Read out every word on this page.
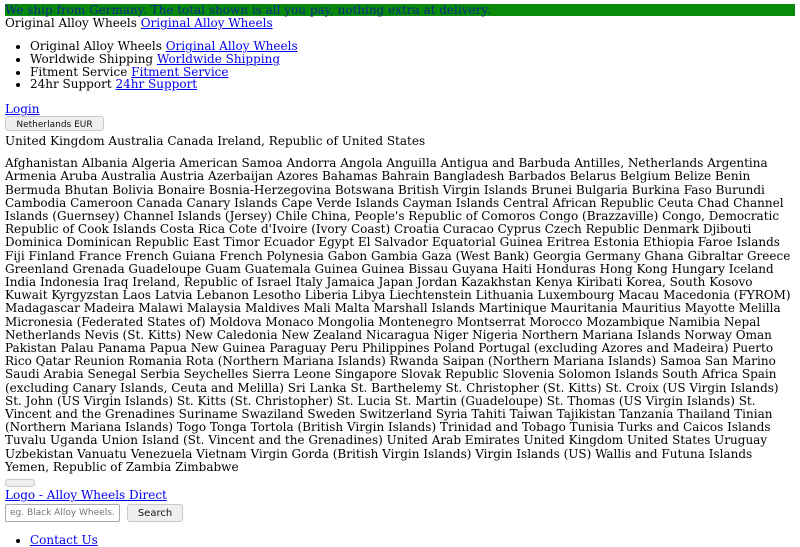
We ship from Germany. The total shown is all you pay, nothing extra at delivery.
Original Alloy Wheels Original Alloy Wheels
• Original Alloy Wheels Original Alloy Wheels
• Worldwide Shipping Worldwide Shipping
• Fitment Service Fitment Service
• 24hr Support 24hr Support
Login
Netherlands EUR
United Kingdom Australia Canada Ireland, Republic of United States
Afghanistan Albania Algeria American Samoa Andorra Angola Anguilla Antigua and Barbuda Antilles, Netherlands Argentina Armenia Aruba Australia Austria Azerbaijan Azores Bahamas Bahrain Bangladesh Barbados Belarus Belgium Belize Benin Bermuda Bhutan Bolivia Bonaire Bosnia-Herzegovina Botswana British Virgin Islands Brunei Bulgaria Burkina Faso Burundi Cambodia Cameroon Canada Canary Islands Cape Verde Islands Cayman Islands Central African Republic Ceuta Chad Channel Islands (Guernsey) Channel Islands (Jersey) Chile China, People's Republic of Comoros Congo (Brazzaville) Congo, Democratic Republic of Cook Islands Costa Rica Cote d'Ivoire (Ivory Coast) Croatia Curacao Cyprus Czech Republic Denmark Djibouti Dominica Dominican Republic East Timor Ecuador Egypt El Salvador Equatorial Guinea Eritrea Estonia Ethiopia Faroe Islands Fiji Finland France French Guiana French Polynesia Gabon Gambia Gaza (West Bank) Georgia Germany Ghana Gibraltar Greece Greenland Grenada Guadeloupe Guam Guatemala Guinea Guinea Bissau Guyana Haiti Honduras Hong Kong Hungary Iceland India Indonesia Iraq Ireland, Republic of Israel Italy Jamaica Japan Jordan Kazakhstan Kenya Kiribati Korea, South Kosovo Kuwait Kyrgyzstan Laos Latvia Lebanon Lesotho Liberia Libya Liechtenstein Lithuania Luxembourg Macau Macedonia (FYROM) Madagascar Madeira Malawi Malaysia Maldives Mali Malta Marshall Islands Martinique Mauritania Mauritius Mayotte Melilla Micronesia (Federated States of) Moldova Monaco Mongolia Montenegro Montserrat Morocco Mozambique Namibia Nepal Netherlands Nevis (St. Kitts) New Caledonia New Zealand Nicaragua Niger Nigeria Northern Mariana Islands Norway Oman Pakistan Palau Panama Papua New Guinea Paraguay Peru Philippines Poland Portugal (excluding Azores and Madeira) Puerto Rico Qatar Reunion Romania Rota (Northern Mariana Islands) Rwanda Saipan (Northern Mariana Islands) Samoa San Marino Saudi Arabia Senegal Serbia Seychelles Sierra Leone Singapore Slovak Republic Slovenia Solomon Islands South Africa Spain (excluding Canary Islands, Ceuta and Melilla) Sri Lanka St. Barthelemy St. Christopher (St. Kitts) St. Croix (US Virgin Islands) St. John (US Virgin Islands) St. Kitts (St. Christopher) St. Lucia St. Martin (Guadeloupe) St. Thomas (US Virgin Islands) St. Vincent and the Grenadines Suriname Swaziland Sweden Switzerland Syria Tahiti Taiwan Tajikistan Tanzania Thailand Tinian (Northern Mariana Islands) Togo Tonga Tortola (British Virgin Islands) Trinidad and Tobago Tunisia Turks and Caicos Islands Tuvalu Uganda Union Island (St. Vincent and the Grenadines) United Arab Emirates United Kingdom United States Uruguay Uzbekistan Vanuatu Venezuela Vietnam Virgin Gorda (British Virgin Islands) Virgin Islands (US) Wallis and Futuna Islands Yemen, Republic of Zambia Zimbabwe
Logo - Alloy Wheels Direct
eg. Black Alloy Wheels..
Search
• Contact Us
